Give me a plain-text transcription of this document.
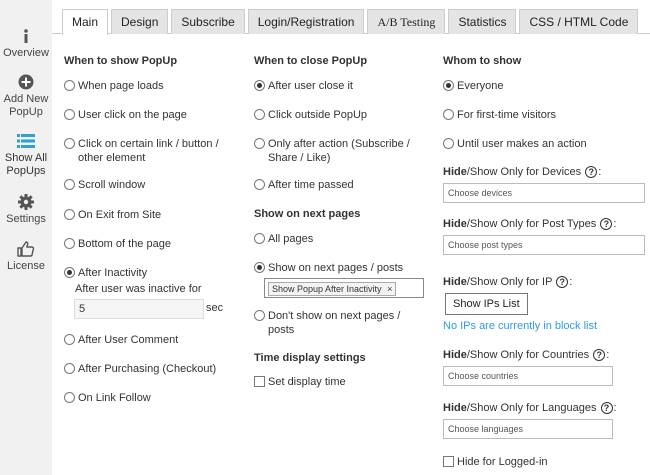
Overview
Add New
PopUp
Show All
PopUps
Settings
License
Main	Design	Subscribe	Login/Registration	A/B Testing	Statistics	CSS / HTML Code
When to show PopUp
When page loads
User click on the page
Click on certain link / button /
other element
Scroll window
On Exit from Site
Bottom of the page
After Inactivity
After user was inactive for
5	sec
After User Comment
After Purchasing (Checkout)
On Link Follow
When to close PopUp
After user close it
Click outside PopUp
Only after action (Subscribe /
Share / Like)
After time passed
Show on next pages
All pages
Show on next pages / posts
Show Popup After Inactivity ×
Don't show on next pages /
posts
Time display settings
Set display time
Whom to show
Everyone
For first-time visitors
Until user makes an action
Hide/Show Only for Devices ? :
Choose devices
Hide/Show Only for Post Types ? :
Choose post types
Hide/Show Only for IP ? :
Show IPs List
No IPs are currently in block list
Hide/Show Only for Countries ? :
Choose countries
Hide/Show Only for Languages ? :
Choose languages
Hide for Logged-in
